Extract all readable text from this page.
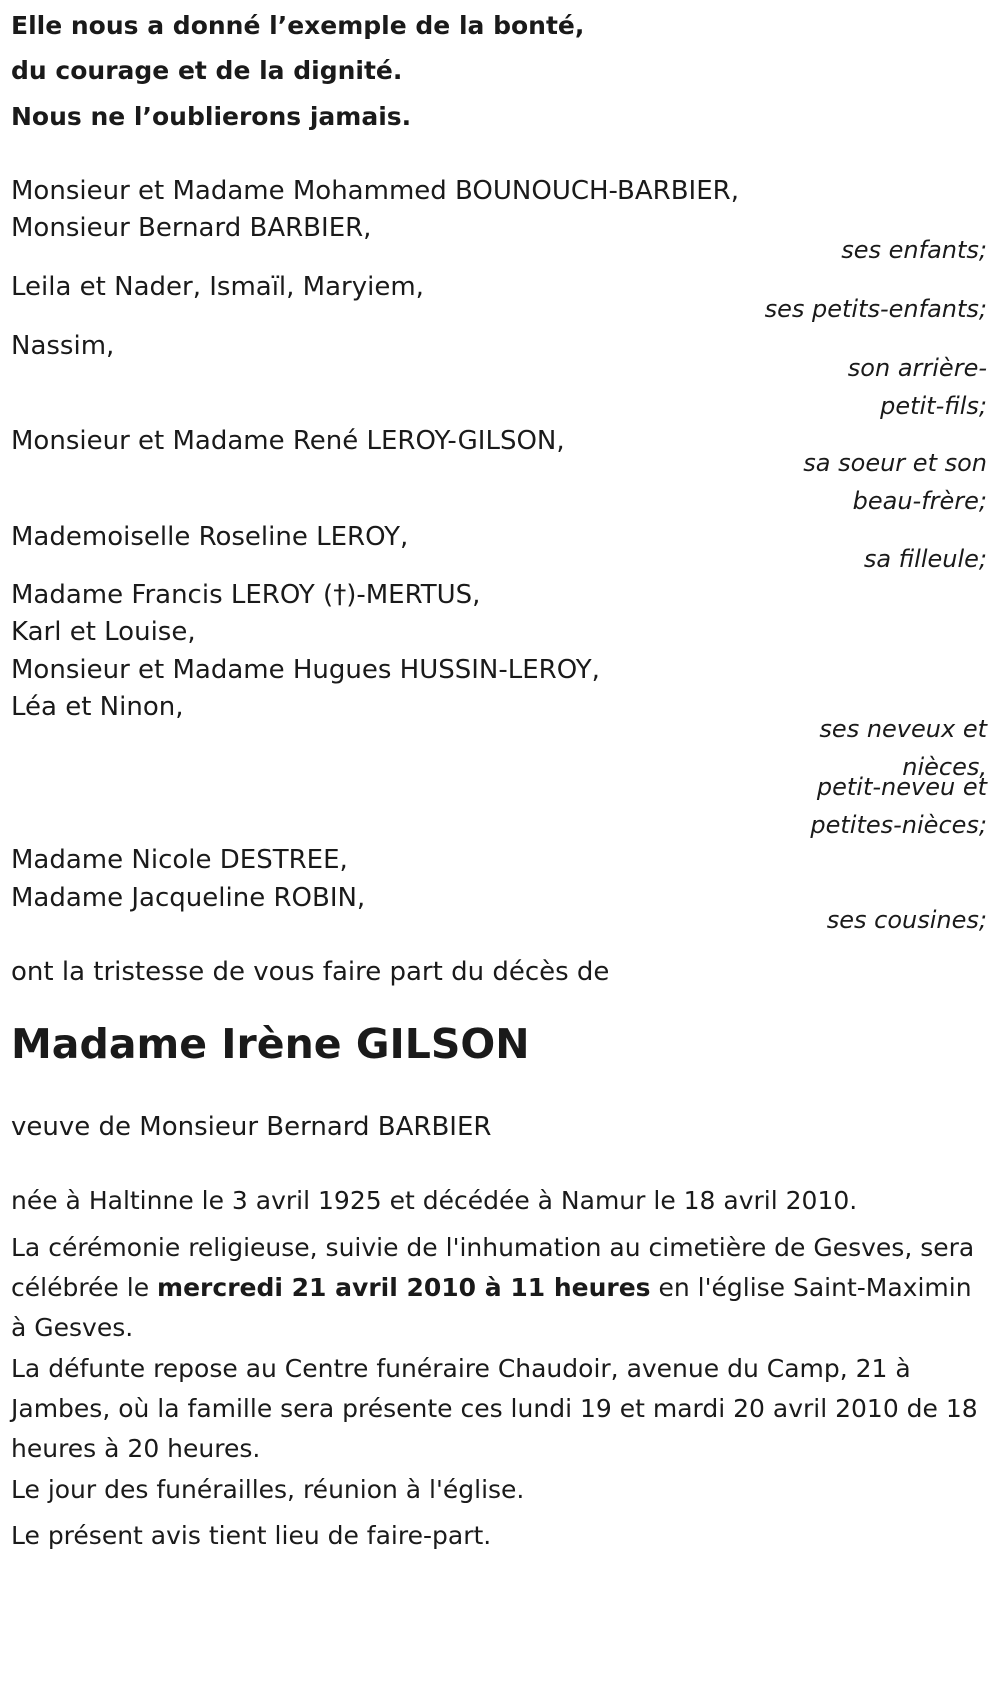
Elle nous a donné l’exemple de la bonté,
du courage et de la dignité.
Nous ne l’oublierons jamais.
Monsieur et Madame Mohammed BOUNOUCH-BARBIER,
Monsieur Bernard BARBIER,
ses enfants;
Leila et Nader, Ismaïl, Maryiem,
ses petits-enfants;
Nassim,
son arrière-petit-fils;
Monsieur et Madame René LEROY-GILSON,
sa soeur et son beau-frère;
Mademoiselle Roseline LEROY,
sa filleule;
Madame Francis LEROY (†)-MERTUS,
Karl et Louise,
Monsieur et Madame Hugues HUSSIN-LEROY,
Léa et Ninon,
ses neveux et nièces,
petit-neveu et petites-nièces;
Madame Nicole DESTREE,
Madame Jacqueline ROBIN,
ses cousines;
ont la tristesse de vous faire part du décès de
Madame Irène GILSON
veuve de Monsieur Bernard BARBIER
née à Haltinne le 3 avril 1925 et décédée à Namur le 18 avril 2010.
La cérémonie religieuse, suivie de l'inhumation au cimetière de Gesves, sera célébrée le mercredi 21 avril 2010 à 11 heures en l'église Saint-Maximin à Gesves.
La défunte repose au Centre funéraire Chaudoir, avenue du Camp, 21 à Jambes, où la famille sera présente ces lundi 19 et mardi 20 avril 2010 de 18 heures à 20 heures.
Le jour des funérailles, réunion à l'église.
Le présent avis tient lieu de faire-part.
